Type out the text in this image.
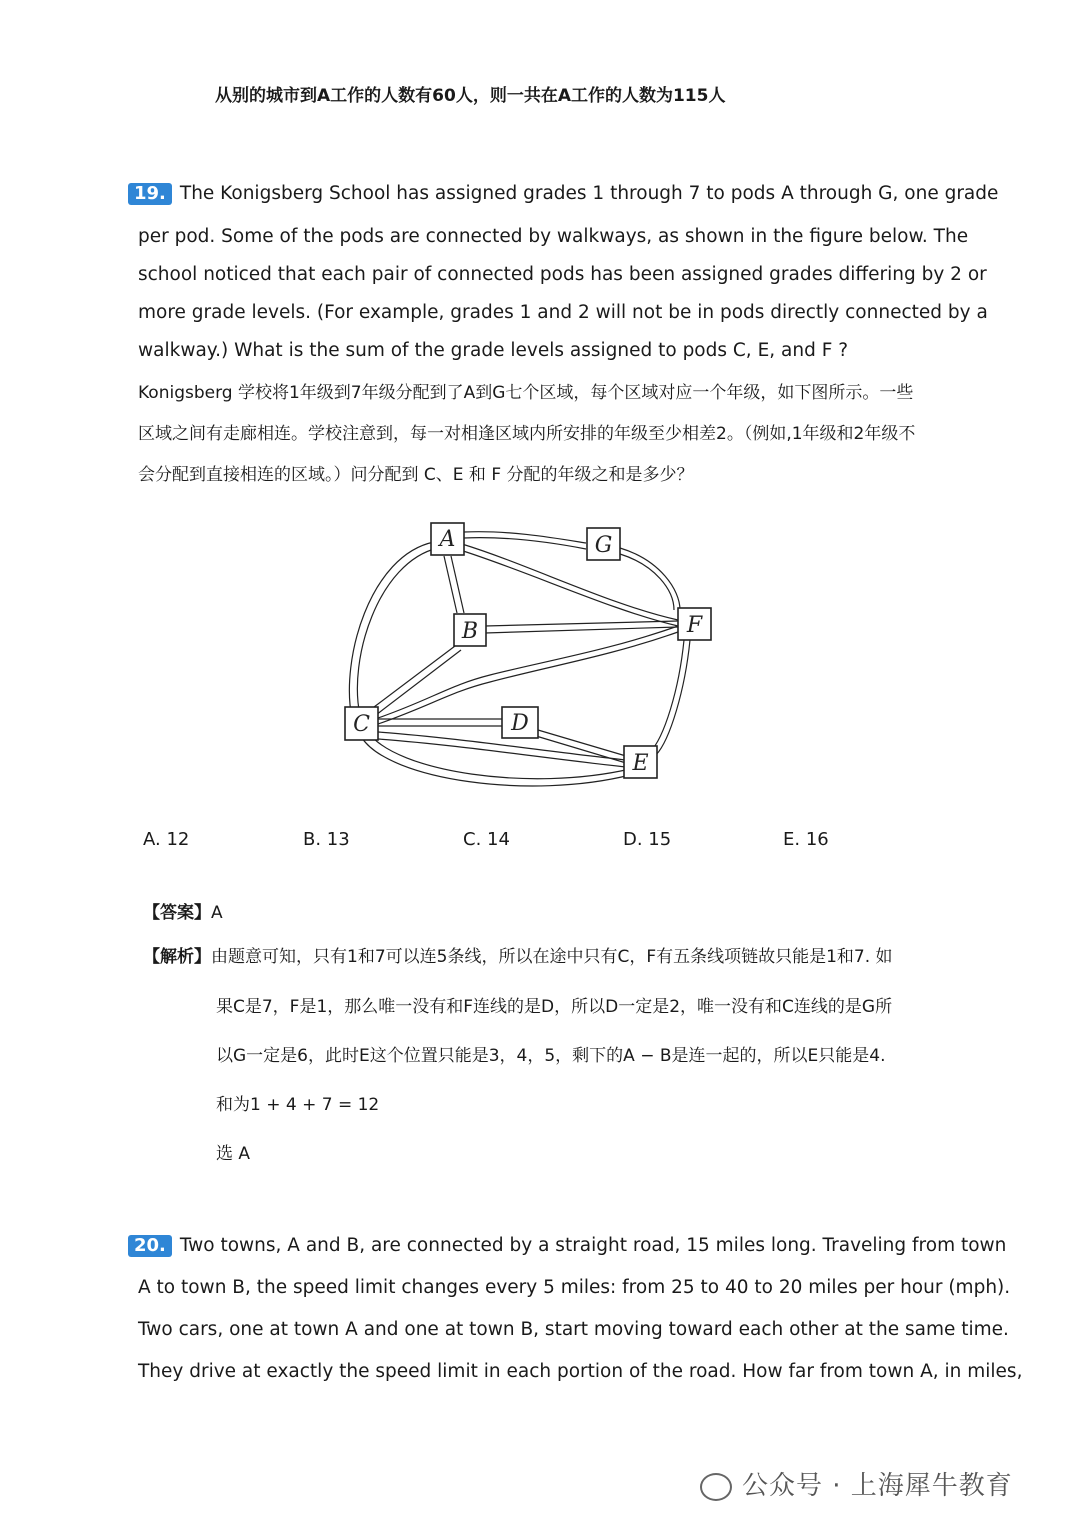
从别的城市到A工作的人数有60人，则一共在A工作的人数为115人
19. The Konigsberg School has assigned grades 1 through 7 to pods A through G, one grade
per pod. Some of the pods are connected by walkways, as shown in the figure below. The
school noticed that each pair of connected pods has been assigned grades differing by 2 or
more grade levels. (For example, grades 1 and 2 will not be in pods directly connected by a
walkway.) What is the sum of the grade levels assigned to pods C, E, and F ?
Konigsberg 学校将1年级到7年级分配到了A到G七个区域，每个区域对应一个年级，如下图所示。一些
区域之间有走廊相连。学校注意到，每一对相逢区域内所安排的年级至少相差2。（例如,1年级和2年级不
会分配到直接相连的区域。）问分配到 C、E 和 F 分配的年级之和是多少？
A	G
B	F
C	D
E
A. 12	B. 13	C. 14	D. 15	E. 16
【答案】A
【解析】由题意可知，只有1和7可以连5条线，所以在途中只有C，F有五条线项链故只能是1和7. 如
果C是7，F是1，那么唯一没有和F连线的是D，所以D一定是2，唯一没有和C连线的是G所
以G一定是6，此时E这个位置只能是3，4，5，剩下的A − B是连一起的，所以E只能是4.
和为1 + 4 + 7 = 12
选 A
20. Two towns, A and B, are connected by a straight road, 15 miles long. Traveling from town
A to town B, the speed limit changes every 5 miles: from 25 to 40 to 20 miles per hour (mph).
Two cars, one at town A and one at town B, start moving toward each other at the same time.
They drive at exactly the speed limit in each portion of the road. How far from town A, in miles,
公众号 · 上海犀牛教育
